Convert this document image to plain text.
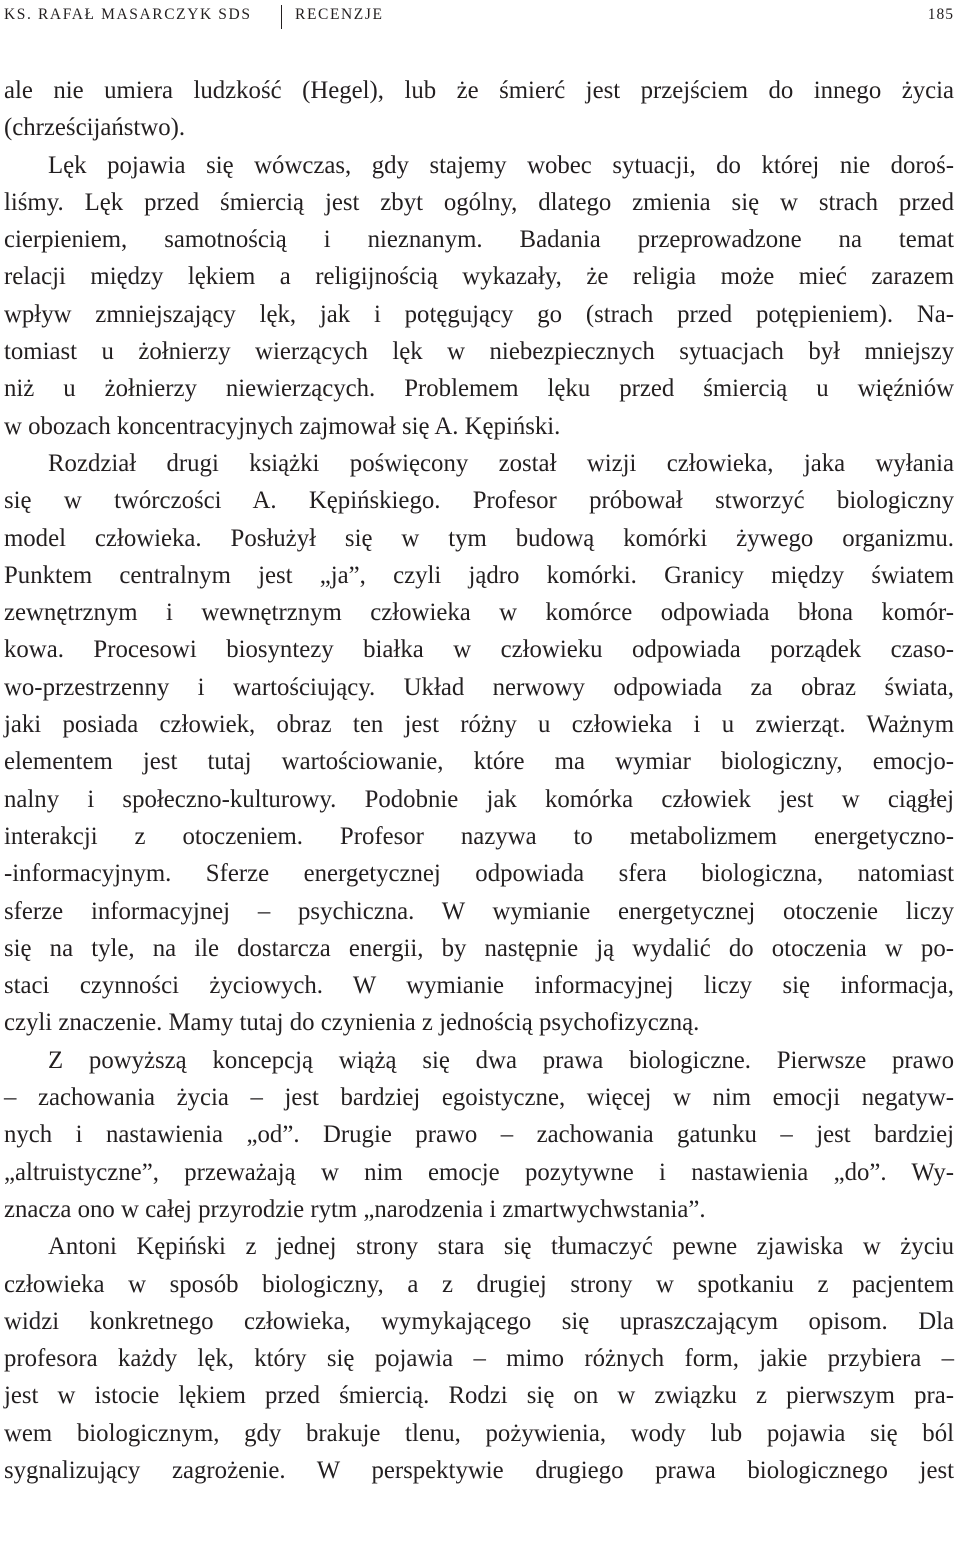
KS. RAFAŁ MASARCZYK SDS	RECENZJE	185
ale nie umiera ludzkość (Hegel), lub że śmierć jest przejściem do innego życia
(chrześcijaństwo).
Lęk pojawia się wówczas, gdy stajemy wobec sytuacji, do której nie doroś-
liśmy. Lęk przed śmiercią jest zbyt ogólny, dlatego zmienia się w strach przed
cierpieniem, samotnością i nieznanym. Badania przeprowadzone na temat
relacji między lękiem a religijnością wykazały, że religia może mieć zarazem
wpływ zmniejszający lęk, jak i potęgujący go (strach przed potępieniem). Na-
tomiast u żołnierzy wierzących lęk w niebezpiecznych sytuacjach był mniejszy
niż u żołnierzy niewierzących. Problemem lęku przed śmiercią u więźniów
w obozach koncentracyjnych zajmował się A. Kępiński.
Rozdział drugi książki poświęcony został wizji człowieka, jaka wyłania
się w twórczości A. Kępińskiego. Profesor próbował stworzyć biologiczny
model człowieka. Posłużył się w tym budową komórki żywego organizmu.
Punktem centralnym jest „ja”, czyli jądro komórki. Granicy między światem
zewnętrznym i wewnętrznym człowieka w komórce odpowiada błona komór-
kowa. Procesowi biosyntezy białka w człowieku odpowiada porządek czaso-
wo-przestrzenny i wartościujący. Układ nerwowy odpowiada za obraz świata,
jaki posiada człowiek, obraz ten jest różny u człowieka i u zwierząt. Ważnym
elementem jest tutaj wartościowanie, które ma wymiar biologiczny, emocjo-
nalny i społeczno-kulturowy. Podobnie jak komórka człowiek jest w ciągłej
interakcji z otoczeniem. Profesor nazywa to metabolizmem energetyczno-
-informacyjnym. Sferze energetycznej odpowiada sfera biologiczna, natomiast
sferze informacyjnej – psychiczna. W wymianie energetycznej otoczenie liczy
się na tyle, na ile dostarcza energii, by następnie ją wydalić do otoczenia w po-
staci czynności życiowych. W wymianie informacyjnej liczy się informacja,
czyli znaczenie. Mamy tutaj do czynienia z jednością psychofizyczną.
Z powyższą koncepcją wiążą się dwa prawa biologiczne. Pierwsze prawo
– zachowania życia – jest bardziej egoistyczne, więcej w nim emocji negatyw-
nych i nastawienia „od”. Drugie prawo – zachowania gatunku – jest bardziej
„altruistyczne”, przeważają w nim emocje pozytywne i nastawienia „do”. Wy-
znacza ono w całej przyrodzie rytm „narodzenia i zmartwychwstania”.
Antoni Kępiński z jednej strony stara się tłumaczyć pewne zjawiska w życiu
człowieka w sposób biologiczny, a z drugiej strony w spotkaniu z pacjentem
widzi konkretnego człowieka, wymykającego się upraszczającym opisom. Dla
profesora każdy lęk, który się pojawia – mimo różnych form, jakie przybiera –
jest w istocie lękiem przed śmiercią. Rodzi się on w związku z pierwszym pra-
wem biologicznym, gdy brakuje tlenu, pożywienia, wody lub pojawia się ból
sygnalizujący zagrożenie. W perspektywie drugiego prawa biologicznego jest
